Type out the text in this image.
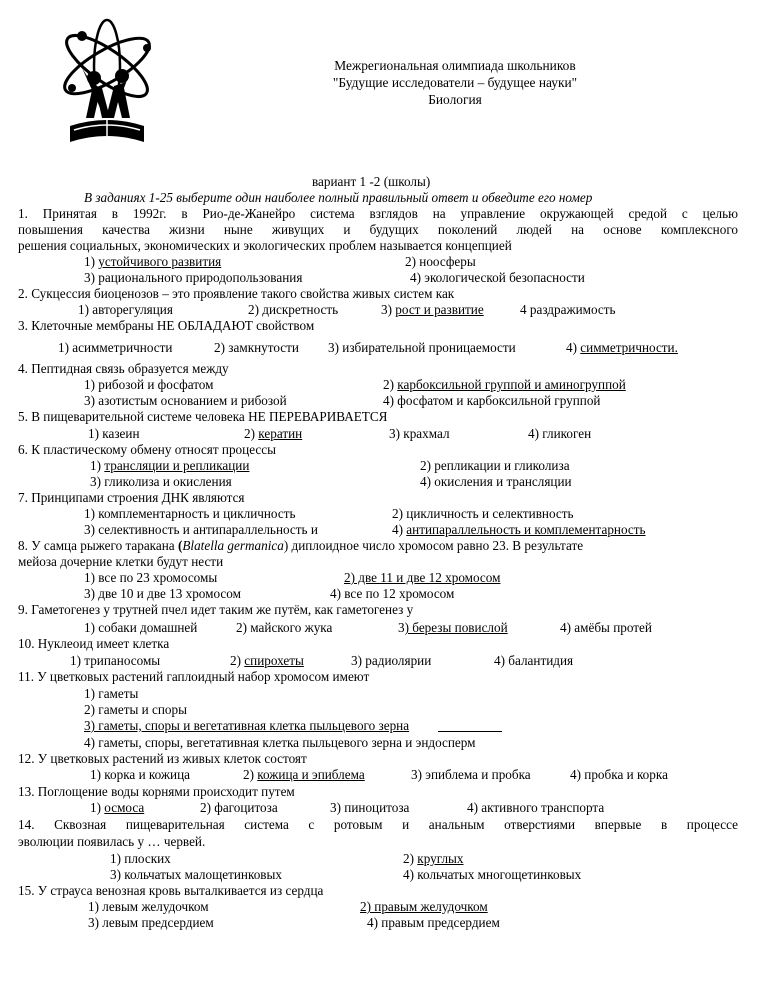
Межрегиональная олимпиада школьников
"Будущие исследователи – будущее науки"
Биология
вариант 1 -2 (школы)
В заданиях 1-25 выберите один наиболее полный правильный ответ и обведите его номер
1. Принятая в 1992г. в Рио-де-Жанейро система взглядов на управление окружающей средой с целью
повышения качества жизни ныне живущих и будущих поколений людей на основе комплексного
решения социальных, экономических и экологических проблем называется концепцией
1) устойчивого развития	2) ноосферы
3) рационального природопользования	4) экологической безопасности
2. Сукцессия биоценозов – это проявление такого свойства живых систем как
1) авторегуляция	2) дискретность	3) рост и развитие	4 раздражимость
3. Клеточные мембраны НЕ ОБЛАДАЮТ свойством
1) асимметричности	2) замкнутости 3) избирательной проницаемости	4) симметричности.
4. Пептидная связь образуется между
1) рибозой и фосфатом	2) карбоксильной группой и аминогруппой
3) азотистым основанием и рибозой	4) фосфатом и карбоксильной группой
5. В пищеварительной системе человека НЕ ПЕРЕВАРИВАЕТСЯ
1) казеин	2) кератин	3) крахмал	4) гликоген
6. К пластическому обмену относят процессы
1) трансляции и репликации	2) репликации и гликолиза
3) гликолиза и окисления	4) окисления и трансляции
7. Принципами строения ДНК являются
1) комплементарность и цикличность	2) цикличность и селективность
3) селективность и антипараллельность и	4) антипараллельность и комплементарность
8. У самца рыжего таракана (Blatella germanica) диплоидное число хромосом равно 23. В результате
мейоза дочерние клетки будут нести
1) все по 23 хромосомы	2) две 11 и две 12 хромосом
3) две 10 и две 13 хромосом	4) все по 12 хромосом
9. Гаметогенез у трутней пчел идет таким же путём, как гаметогенез у
1) собаки домашней	2) майского жука	3) березы повислой	4) амёбы протей
10. Нуклеоид имеет клетка
1) трипаносомы	2) спирохеты	3) радиолярии	4) балантидия
11. У цветковых растений гаплоидный набор хромосом имеют
1) гаметы
2) гаметы и споры
3) гаметы, споры и вегетативная клетка пыльцевого зерна
4) гаметы, споры, вегетативная клетка пыльцевого зерна и эндосперм
12. У цветковых растений из живых клеток состоят
1) корка и кожица	2) кожица и эпиблема	3) эпиблема и пробка	4) пробка и корка
13. Поглощение воды корнями происходит путем
1) осмоса	2) фагоцитоза	3) пиноцитоза	4) активного транспорта
14. Сквозная пищеварительная система с ротовым и анальным отверстиями впервые в процессе
эволюции появилась у … червей.
1) плоских	2) круглых
3) кольчатых малощетинковых	4) кольчатых многощетинковых
15. У страуса венозная кровь выталкивается из сердца
1) левым желудочком	2) правым желудочком
3) левым предсердием	4) правым предсердием
